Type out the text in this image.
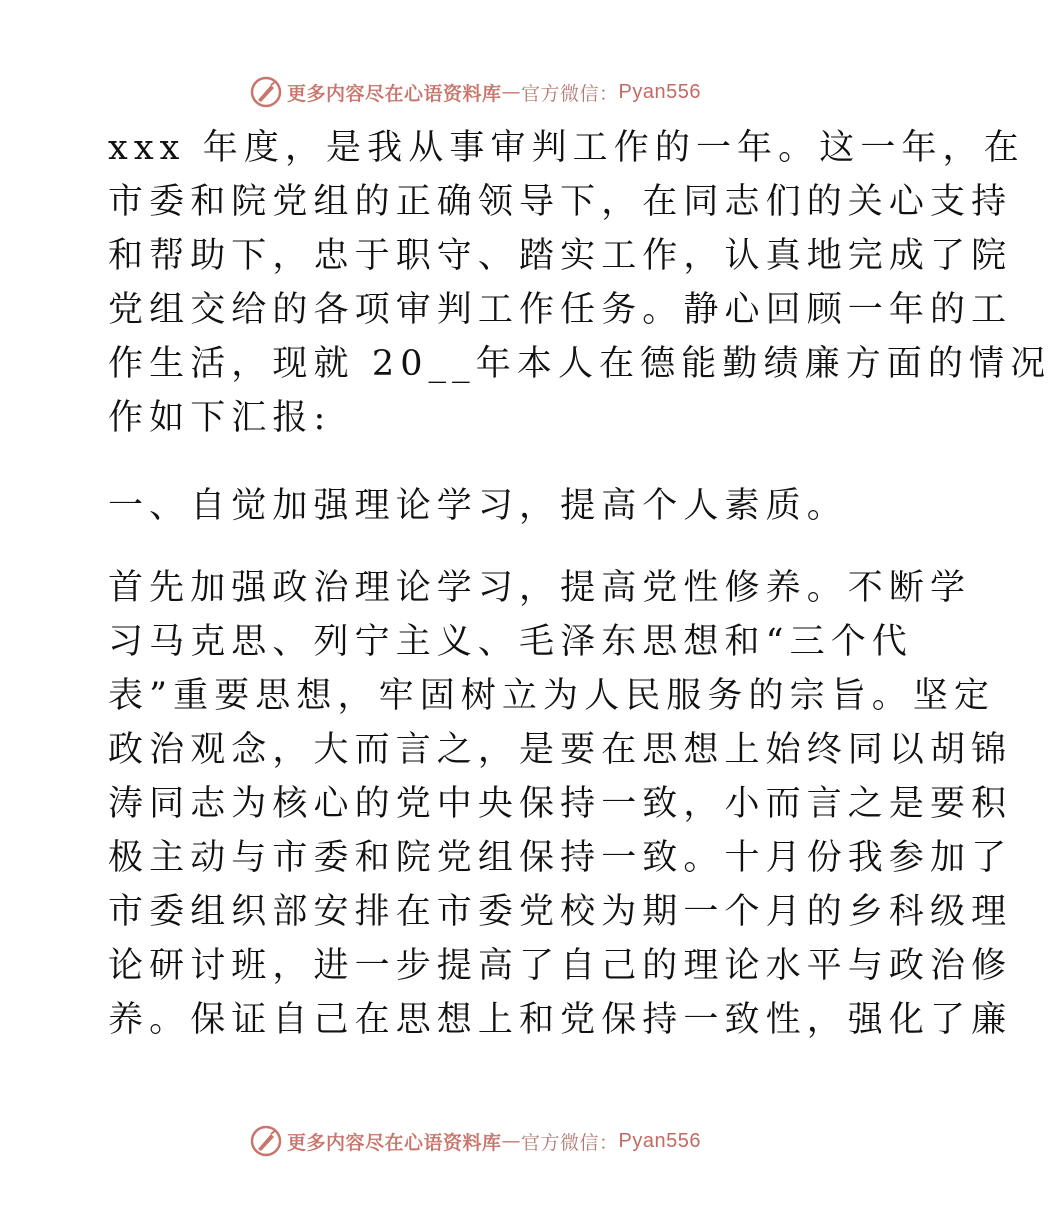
更多内容尽在心语资料库 — 官方微信： Pyan556

xxx 年度，是我从事审判工作的一年。这一年，在
市委和院党组的正确领导下，在同志们的关心支持
和帮助下，忠于职守、踏实工作，认真地完成了院
党组交给的各项审判工作任务。静心回顾一年的工
作生活，现就 20__年本人在德能勤绩廉方面的情况
作如下汇报:

一、自觉加强理论学习，提高个人素质。

首先加强政治理论学习，提高党性修养。不断学
习马克思、列宁主义、毛泽东思想和“三个代
表”重要思想，牢固树立为人民服务的宗旨。坚定
政治观念，大而言之，是要在思想上始终同以胡锦
涛同志为核心的党中央保持一致，小而言之是要积
极主动与市委和院党组保持一致。十月份我参加了
市委组织部安排在市委党校为期一个月的乡科级理
论研讨班，进一步提高了自己的理论水平与政治修
养。保证自己在思想上和党保持一致性，强化了廉

更多内容尽在心语资料库 — 官方微信： Pyan556
